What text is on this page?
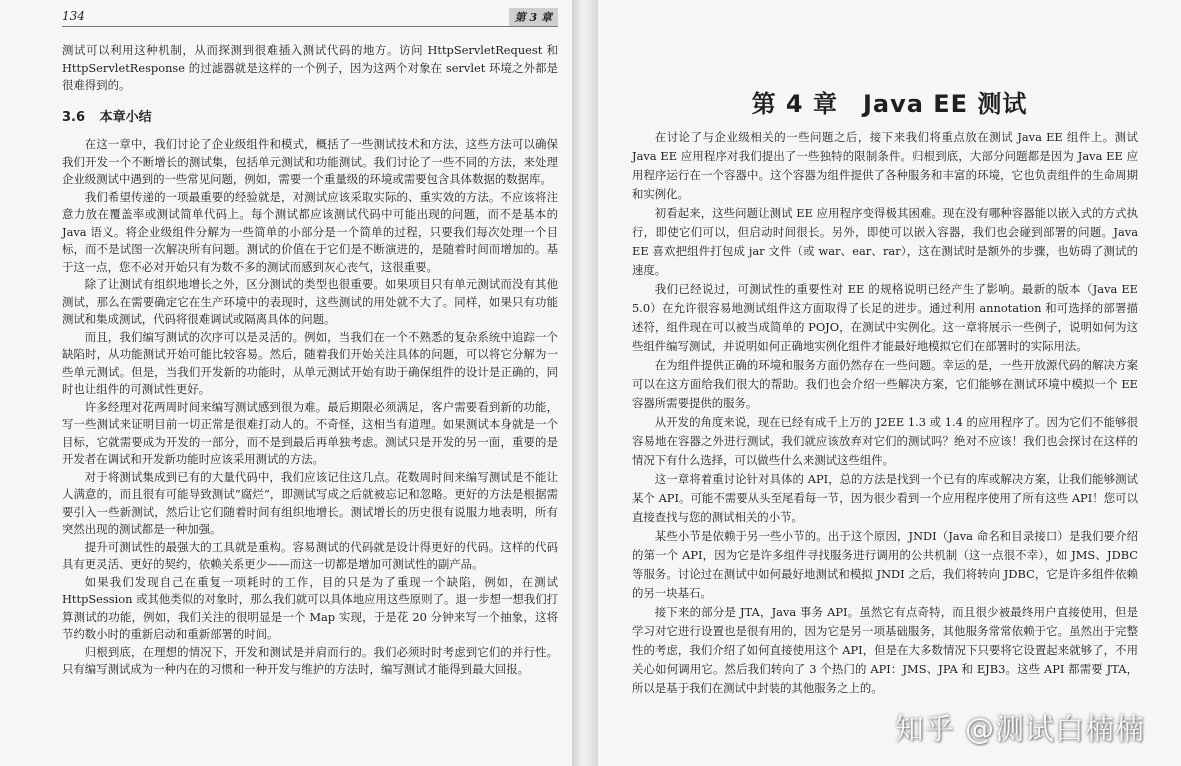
134	第 3 章

测试可以利用这种机制，从而探测到很难插入测试代码的地方。访问 HttpServletRequest 和 HttpServletResponse 的过滤器就是这样的一个例子，因为这两个对象在 servlet 环境之外都是很难得到的。

3.6 本章小结

在这一章中，我们讨论了企业级组件和模式，概括了一些测试技术和方法，这些方法可以确保我们开发一个不断增长的测试集，包括单元测试和功能测试。我们讨论了一些不同的方法，来处理企业级测试中遇到的一些常见问题，例如，需要一个重量级的环境或需要包含具体数据的数据库。

我们希望传递的一项最重要的经验就是，对测试应该采取实际的、重实效的方法。不应该将注意力放在覆盖率或测试简单代码上。每个测试都应该测试代码中可能出现的问题，而不是基本的 Java 语义。将企业级组件分解为一些简单的小部分是一个简单的过程，只要我们每次处理一个目标，而不是试图一次解决所有问题。测试的价值在于它们是不断演进的，是随着时间而增加的。基于这一点，您不必对开始只有为数不多的测试而感到灰心丧气，这很重要。

除了让测试有组织地增长之外，区分测试的类型也很重要。如果项目只有单元测试而没有其他测试，那么在需要确定它在生产环境中的表现时，这些测试的用处就不大了。同样，如果只有功能测试和集成测试，代码将很难调试或隔离具体的问题。

而且，我们编写测试的次序可以是灵活的。例如，当我们在一个不熟悉的复杂系统中追踪一个缺陷时，从功能测试开始可能比较容易。然后，随着我们开始关注具体的问题，可以将它分解为一些单元测试。但是，当我们开发新的功能时，从单元测试开始有助于确保组件的设计是正确的，同时也让组件的可测试性更好。

许多经理对花两周时间来编写测试感到很为难。最后期限必须满足，客户需要看到新的功能，写一些测试来证明目前一切正常是很难打动人的。不奇怪，这相当有道理。如果测试本身就是一个目标，它就需要成为开发的一部分，而不是到最后再单独考虑。测试只是开发的另一面，重要的是开发者在调试和开发新功能时应该采用测试的方法。

对于将测试集成到已有的大量代码中，我们应该记住这几点。花数周时间来编写测试是不能让人满意的，而且很有可能导致测试“腐烂”，即测试写成之后就被忘记和忽略。更好的方法是根据需要引入一些新测试，然后让它们随着时间有组织地增长。测试增长的历史很有说服力地表明，所有突然出现的测试都是一种加强。

提升可测试性的最强大的工具就是重构。容易测试的代码就是设计得更好的代码。这样的代码具有更灵活、更好的契约，依赖关系更少——而这一切都是增加可测试性的副产品。

如果我们发现自己在重复一项耗时的工作，目的只是为了重现一个缺陷，例如，在测试 HttpSession 或其他类似的对象时，那么我们就可以具体地应用这些原则了。退一步想一想我们打算测试的功能，例如，我们关注的很明显是一个 Map 实现，于是花 20 分钟来写一个抽象，这将节约数小时的重新启动和重新部署的时间。

归根到底，在理想的情况下，开发和测试是并肩而行的。我们必须时时考虑到它们的并行性。只有编写测试成为一种内在的习惯和一种开发与维护的方法时，编写测试才能得到最大回报。

第 4 章　Java EE 测试

在讨论了与企业级相关的一些问题之后，接下来我们将重点放在测试 Java EE 组件上。测试 Java EE 应用程序对我们提出了一些独特的限制条件。归根到底，大部分问题都是因为 Java EE 应用程序运行在一个容器中。这个容器为组件提供了各种服务和丰富的环境，它也负责组件的生命周期和实例化。

初看起来，这些问题让测试 EE 应用程序变得极其困难。现在没有哪种容器能以嵌入式的方式执行，即使它们可以，但启动时间很长。另外，即使可以嵌入容器，我们也会碰到部署的问题。Java EE 喜欢把组件打包成 jar 文件（或 war、ear、rar），这在测试时是额外的步骤，也妨碍了测试的速度。

我们已经说过，可测试性的重要性对 EE 的规格说明已经产生了影响。最新的版本（Java EE 5.0）在允许很容易地测试组件这方面取得了长足的进步。通过利用 annotation 和可选择的部署描述符，组件现在可以被当成简单的 POJO，在测试中实例化。这一章将展示一些例子，说明如何为这些组件编写测试，并说明如何正确地实例化组件才能最好地模拟它们在部署时的实际用法。

在为组件提供正确的环境和服务方面仍然存在一些问题。幸运的是，一些开放源代码的解决方案可以在这方面给我们很大的帮助。我们也会介绍一些解决方案，它们能够在测试环境中模拟一个 EE 容器所需要提供的服务。

从开发的角度来说，现在已经有成千上万的 J2EE 1.3 或 1.4 的应用程序了。因为它们不能够很容易地在容器之外进行测试，我们就应该放弃对它们的测试吗？绝对不应该！我们也会探讨在这样的情况下有什么选择，可以做些什么来测试这些组件。

这一章将着重讨论针对具体的 API，总的方法是找到一个已有的库或解决方案，让我们能够测试某个 API。可能不需要从头至尾看每一节，因为很少看到一个应用程序使用了所有这些 API！您可以直接查找与您的测试相关的小节。

某些小节是依赖于另一些小节的。出于这个原因，JNDI（Java 命名和目录接口）是我们要介绍的第一个 API，因为它是许多组件寻找服务进行调用的公共机制（这一点很不幸），如 JMS、JDBC 等服务。讨论过在测试中如何最好地测试和模拟 JNDI 之后，我们将转向 JDBC，它是许多组件依赖的另一块基石。

接下来的部分是 JTA，Java 事务 API。虽然它有点奇特，而且很少被最终用户直接使用，但是学习对它进行设置也是很有用的，因为它是另一项基础服务，其他服务常常依赖于它。虽然出于完整性的考虑，我们介绍了如何直接使用这个 API，但是在大多数情况下只要将它设置起来就够了，不用关心如何调用它。然后我们转向了 3 个热门的 API：JMS、JPA 和 EJB3。这些 API 都需要 JTA，所以是基于我们在测试中封装的其他服务之上的。

知乎 @测试白楠楠
